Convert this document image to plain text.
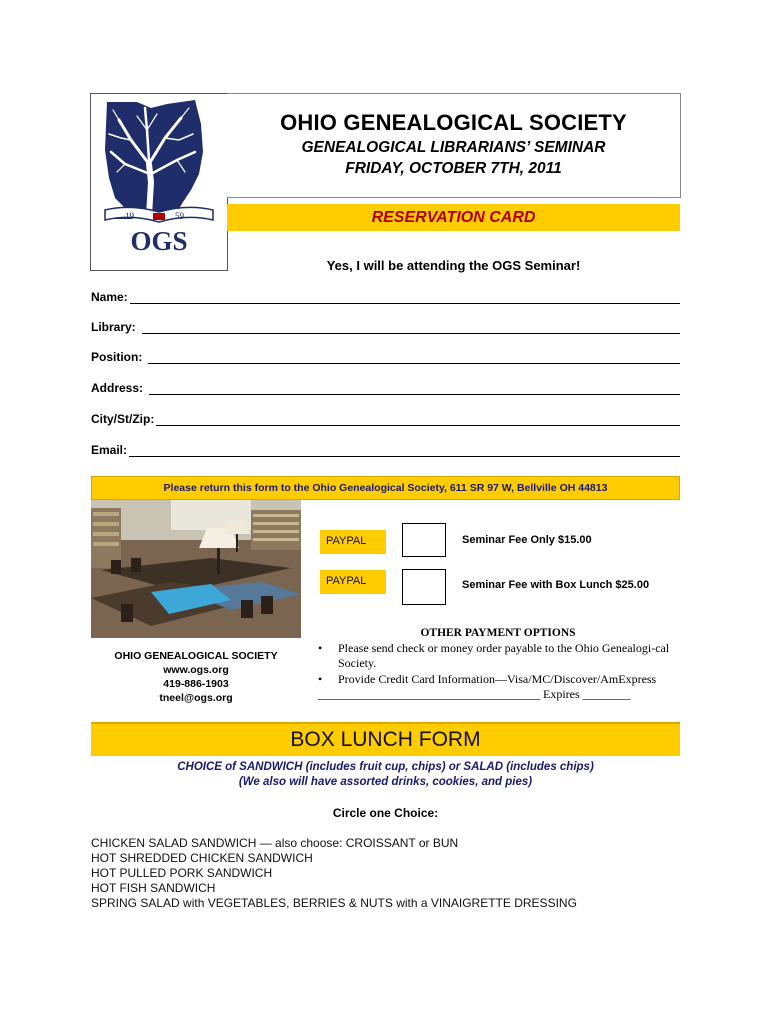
19	59
OGS
OHIO GENEALOGICAL SOCIETY
GENEALOGICAL LIBRARIANS’ SEMINAR
FRIDAY, OCTOBER 7TH, 2011
RESERVATION CARD
Yes, I will be attending the OGS Seminar!
Name:
Library:
Position:
Address:
City/St/Zip:
Email:
Please return this form to the Ohio Genealogical Society, 611 SR 97 W, Bellville OH 44813
PAYPAL	Seminar Fee Only $15.00
PAYPAL	Seminar Fee with Box Lunch $25.00
OHIO GENEALOGICAL SOCIETY
www.ogs.org
419-886-1903
tneel@ogs.org
OTHER PAYMENT OPTIONS
• Please send check or money order payable to the Ohio Genealogi-cal Society.
• Provide Credit Card Information—Visa/MC/Discover/AmExpress
_____________________________________ Expires ________
BOX LUNCH FORM
CHOICE of SANDWICH (includes fruit cup, chips) or SALAD (includes chips)
(We also will have assorted drinks, cookies, and pies)
Circle one Choice:
CHICKEN SALAD SANDWICH — also choose: CROISSANT or BUN
HOT SHREDDED CHICKEN SANDWICH
HOT PULLED PORK SANDWICH
HOT FISH SANDWICH
SPRING SALAD with VEGETABLES, BERRIES & NUTS with a VINAIGRETTE DRESSING
